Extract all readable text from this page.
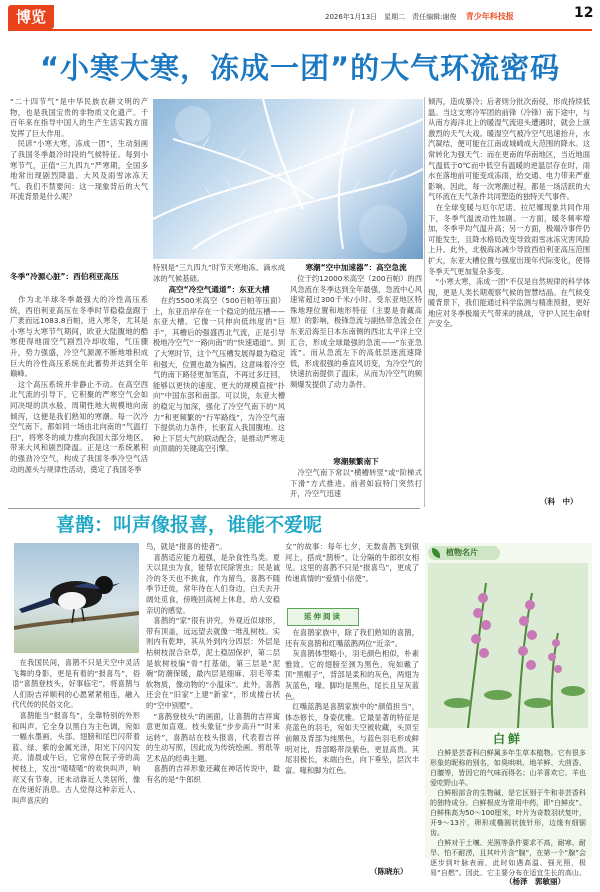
博览	2026年1月13日　星期二　责任编辑:谢俊　 青少年科技报	12
“小寒大寒，冻成一团”的大气环流密码
“二十四节气”是中华民族农耕文明的产物，也是我国宝贵的非物质文化遗产。千百年来在指导中国人的生产生活实践方面发挥了巨大作用。
　民谚“小寒大寒，冻成一团”，生动刻画了我国冬季最冷时段的气候特征。每到小寒节气，正值“三九四九”严寒期，全国多地常出现剧烈降温、大风及雨雪冰冻天气。我们不禁要问：这一现象背后的大气环流背景是什么呢？
冬季“冷源心脏”：西伯利亚高压
　作为北半球冬季最强大的冷性高压系统，西伯利亚高压在冬季时节稳稳盘踞于广袤而远1083.8百帕，进入寒冬，尤其是小寒与大寒节气期间，欧亚大陆腹地的酷寒使得地面空气剧烈冷却收缩，气压骤升，势力强盛，冷空气源源不断地堆积成巨大的冷性高压系统在此蓄势并达到全年巅峰。
　这个高压系统并非静止不动。在高空西北气流的引导下，它积聚的严寒空气会如同决堤的洪水般，周期性地大规模地向南倾泻，这便是我们熟知的寒潮。每一次冷空气南下，都如同一场由北向南的“气温打扫”，将寒冬的威力推向我国大部分地区，带来大风和剧烈降温。正是这一系统累积的强劲冷空气，构成了我国冬季冷空气活动的源头与规律性活动，奠定了我国冬季
特别是“三九四九”时节天寒地冻、滴水成冰的气候基础。
高空“冷空气通道”：东亚大槽
　在约5500米高空（500百帕等压面）上，东亚沿岸存在一个稳定的低压槽——东亚大槽。它像一只伸向低纬度的“巨手”，其槽后的强盛西北气流，正是引导极地冷空气“一路向南”的“快速通道”。到了大寒时节，这个气压槽发展得最为稳定和强大，位置也最为偏西。这意味着冷空气的南下路径更加笔直，不再过多迂回，能够以更快的速度、更大的规模直接“扑向”中国东部和南部。可以说，东亚大槽的稳定与加深，强化了冷空气南下的“风力”和更频繁的“行军路线”，为冷空气南下提供动力条件，长驱直入我国腹地。这种上下层大气的联动配合，是推动严寒走向顶端的关键高空引擎。
寒潮“空中加速器”：高空急流
　位于约12000米高空（200百帕）的西风急流在冬季达到全年最强，急流中心风速常超过300千米/小时。受东亚地区特殊地理位置和地形特征（主要是青藏高原）的影响，极锋急流与副热带急流会在东亚沿海至日本东南侧的西北太平洋上空汇合，形成全球最强的急流——“东亚急流”。而从急流左下的高低层逐流速降低，形成很强的垂直风切变，为冷空气的快速抗南提供了温床，从而为冷空气的频频爆发提供了动力条件。
寒潮频繁南下
　冷空气南下常以“横槽转竖”或“阶梯式下滑”方式推进。前者如寂特门突然打开，冷空气迅速
倾泻，造成暴冷；后者则分批次南侵，形成持续低温。当这支寒冷军团的前锋（冷锋）南下途中，与从南方海洋北上的暖湿气流迎头遭遇时，就会上演激烈的天气大戏。暖湿空气被冷空气迅速抬升，水汽凝结，便可能在江南或城崎成大范围的降水。这常转化为强天气：而在更南的华南地区，当近地面气温低于0℃而中低空有温暖的逆温层存在时，雨水在落地前可能变成冻雨，给交通、电力带来严重影响。因此，每一次寒潮过程，都是一场活跃的大气环流在天气条件共同塑造的独特天气事件。
　在全球变暖与厄尔尼诺、拉尼娜现象共同作用下，冬季气温波动性加剧。一方面，暖冬频率增加，冬季平均气温升高；另一方面，极端冷事件仍可能发生，且降水格局改变导致雨雪冰冻灾害风险上升。此外，北极海冰减少导致西伯利亚高压范围扩大，东亚大槽位置与强度出现年代际变化，使得冬季天气更加复杂多变。
　“小寒大寒，冻成一团”不仅是自然规律的科学体现，更是人类长期观察气候的智慧结晶。在气候变暖背景下，我们能通过科学监测与精准预报，更好地应对冬季极端天气带来的挑战，守护人民生命财产安全。
（科　中）
喜鹊：叫声像报喜，谁能不爱呢
　在我国民间，喜鹊不只是天空中灵活飞舞的身影，更是有着的“报喜鸟”，俗语“喜鹊登枝头，好事临宅”，将喜鹊与人们盼吉祥顺利的心愿紧紧相连，融入代代传的民俗文化。
　喜鹊能当“报喜鸟”，全靠特别的外形和叫声。它全身以黑白为主色调，宛如一幅水墨画，头部、翅膀和尾巴闪带着蓝、绿、紫的金属光泽，阳光下闪闪发亮。清晨或午后，它常停在院子旁的高树枝上，发出“喳喳喳”的欢快叫声，响亮又有节奏，还未动靠近人类居所，像在传递好消息。古人觉得这种亲近人、叫声喜庆的
鸟，就是“报喜的使者”。
　喜鹊适应能力超强，是杂食性鸟类。夏天以昆虫为食，能帮农民除害虫；民是诚冷的冬天也不挑食，作为留鸟，喜鹊不随季节迁徙，常年待在人们身边，白天去开阔处觅食，傍晚回高树上休息，给人安稳亲切的感觉。
　喜鹊的“家”很有讲究，外观近似球形，带有顶盖，远远望去就像一堆乱树枝。实则内有乾坤，其从外到内分四层：外层是枯树枝混合杂草，泥土稳固保护，第二层是软树枝编“骨”打基础，第三层是“泥碗”防潮保暖，最内层是细麻、羽毛等柔软物质，像动物的“小温床”。此外，喜鹊还会在“旧家”上建“新家”，形成楼台状的“空中别墅”。
　“喜鹊登枝头”的画面，让喜鹊的吉祥寓意更加直观。枝头象征“步步高升”“时来运转”，喜鹊站在枝头报喜，代表着吉祥的生动写照，因此成为传统绘画、剪纸等艺术品的经典主题。
　喜鹊的吉祥形象还藏在神话传说中，最有名的是“牛郎织
女”的故事：每年七夕，无数喜鹊飞到银河上，搭成“鹊桥”，让分隔的牛郎织女相见。这里的喜鹊不只是“报喜鸟”，更成了传递真情的“爱情小信使”。
延伸阅读
　在喜鹊家族中，除了我们熟知的喜鹊，还有灰喜鹊和红嘴蓝鹊两位“近亲”。
　灰喜鹊体型略小，羽毛颜色相似，朴素雅致。它的翅膀至颈为黑色，宛如戴了顶“黑帽子”，背部是柔和的灰色，两翅为灰蓝色，喙、脚均是黑色，尾长且呈灰蓝色。
　红嘴蓝鹊是喜鹊家族中的“颜值担当”，体态修长，身姿优雅。它最显著的特征是亮蓝色的羽毛，宛如天空被收藏，头顶至前额及背部为纯黑色，与蓝色羽毛形成鲜明对比，背部略带淡紫色，更显高贵。其尾羽极长，末端白色，向下垂坠，层次丰富。喙和脚为红色。
（陈晓东）
植物名片
白鲜
　白鲜是芸香科白鲜属多年生草本植物。它有很多形象的昵称的别名，如臭哄哄、地羊鲜、大茴香、白膻等，皆因它的气味而得名；山羊喜欢它，羊也爱吃野山羊。
　白鲜根部含的生物碱，是它区别于牛和非芸香科的独特成分。白鲜根皮为常用中药，即“白鲜皮”。白鲜株高为50～100厘米，叶片为奇数羽状复叶，开9～13片，卵形或椭圆状披针形，边缘有细锯齿。
　白鲜对于土壤、光照等条件要求不高，耐寒、耐旱、怕不耐涝，且其叶片含“腺”，在第一个“腺”会逐步到叶脉表面，此时如遇高温、强光照，极易“自燃”。因此，它主要分布在适宜生长的高山、
（杨泽　郭敏丽）
